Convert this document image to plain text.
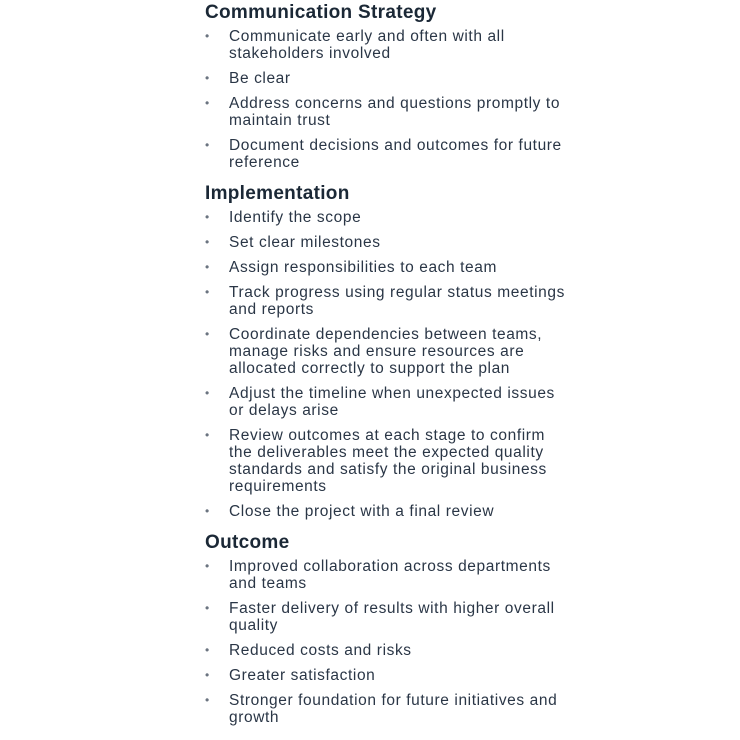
Communication Strategy
•	Communicate early and often with all stakeholders involved
•	Be clear
•	Address concerns and questions promptly to maintain trust
•	Document decisions and outcomes for future reference
Implementation
•	Identify the scope
•	Set clear milestones
•	Assign responsibilities to each team
•	Track progress using regular status meetings and reports
•	Coordinate dependencies between teams, manage risks and ensure resources are allocated correctly to support the plan
•	Adjust the timeline when unexpected issues or delays arise
•	Review outcomes at each stage to confirm the deliverables meet the expected quality standards and satisfy the original business requirements
•	Close the project with a final review
Outcome
•	Improved collaboration across departments and teams
•	Faster delivery of results with higher overall quality
•	Reduced costs and risks
•	Greater satisfaction
•	Stronger foundation for future initiatives and growth
